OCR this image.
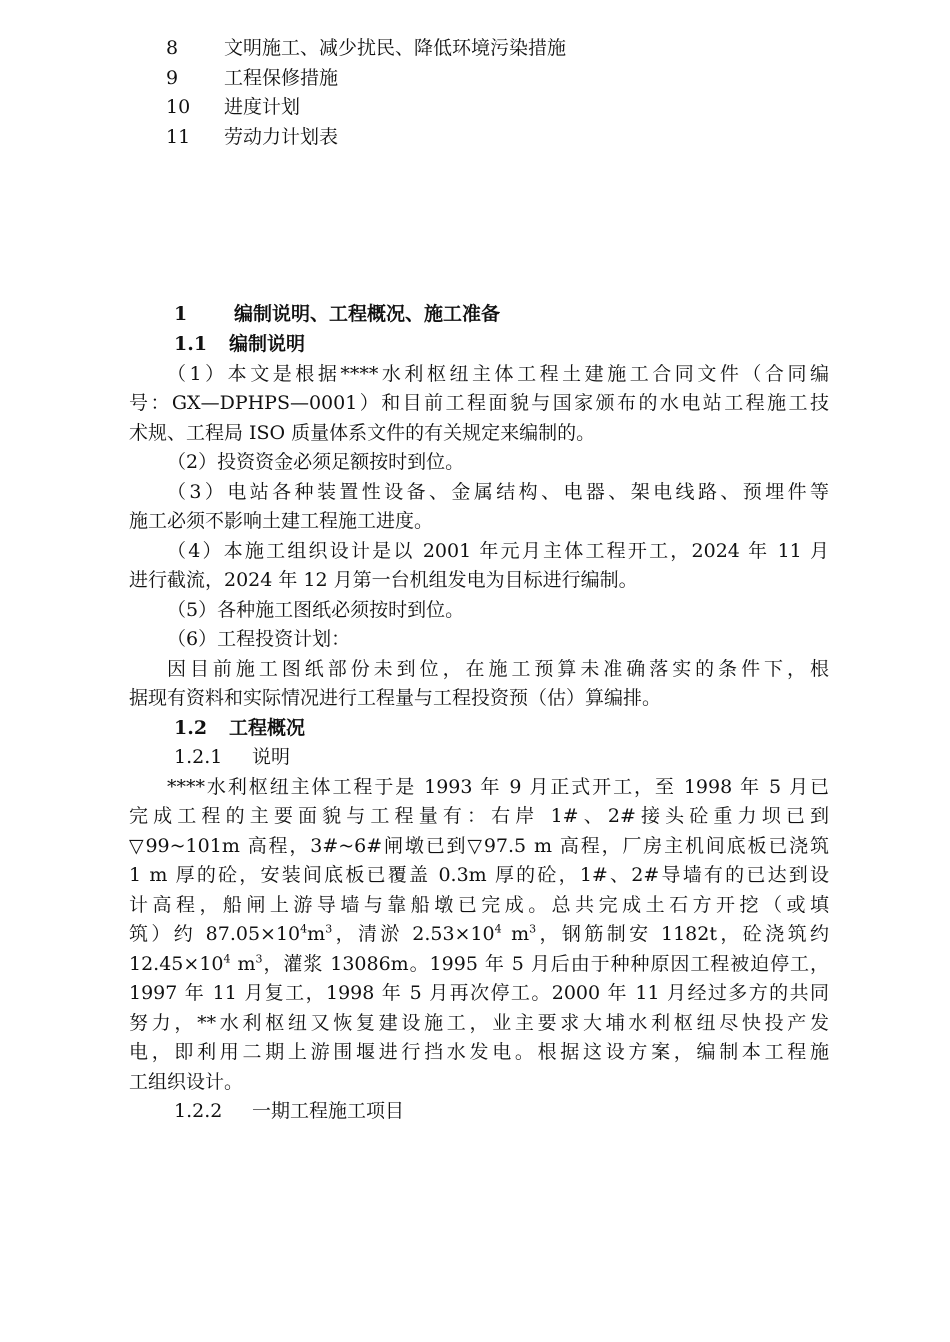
8	文明施工、减少扰民、降低环境污染措施
9	工程保修措施
10	进度计划
11	劳动力计划表
1	编制说明、工程概况、施工准备
1.1	编制说明
（1）本文是根据****水利枢纽主体工程土建施工合同文件（合同编
号：GX—DPHPS—0001）和目前工程面貌与国家颁布的水电站工程施工技
术规、工程局 ISO 质量体系文件的有关规定来编制的。
（2）投资资金必须足额按时到位。
（3）电站各种装置性设备、金属结构、电器、架电线路、预埋件等
施工必须不影响土建工程施工进度。
（4）本施工组织设计是以 2001 年元月主体工程开工，2024 年 11 月
进行截流，2024 年 12 月第一台机组发电为目标进行编制。
（5）各种施工图纸必须按时到位。
（6）工程投资计划：
因目前施工图纸部份未到位，在施工预算未准确落实的条件下，根
据现有资料和实际情况进行工程量与工程投资预（估）算编排。
1.2	工程概况
1.2.1	说明
****水利枢纽主体工程于是 1993 年 9 月正式开工，至 1998 年 5 月已
完成工程的主要面貌与工程量有：右岸 1#、2#接头砼重力坝已到
▽99~101m 高程，3#~6#闸墩已到▽97.5 m 高程，厂房主机间底板已浇筑
1 m 厚的砼，安装间底板已覆盖 0.3m 厚的砼，1#、2#导墙有的已达到设
计高程，船闸上游导墙与靠船墩已完成。总共完成土石方开挖（或填
筑）约 $87.05\times 10^4m^3$，清淤 $2.53\times 10^4$ $m^3$，钢筋制安 1182t，砼浇筑约
$12.45\times 10^4$ $m^3$，灌浆 13086m。1995 年 5 月后由于种种原因工程被迫停工，
1997 年 11 月复工，1998 年 5 月再次停工。2000 年 11 月经过多方的共同
努力，**水利枢纽又恢复建设施工，业主要求大埔水利枢纽尽快投产发
电，即利用二期上游围堰进行挡水发电。根据这设方案，编制本工程施
工组织设计。
1.2.2	一期工程施工项目
